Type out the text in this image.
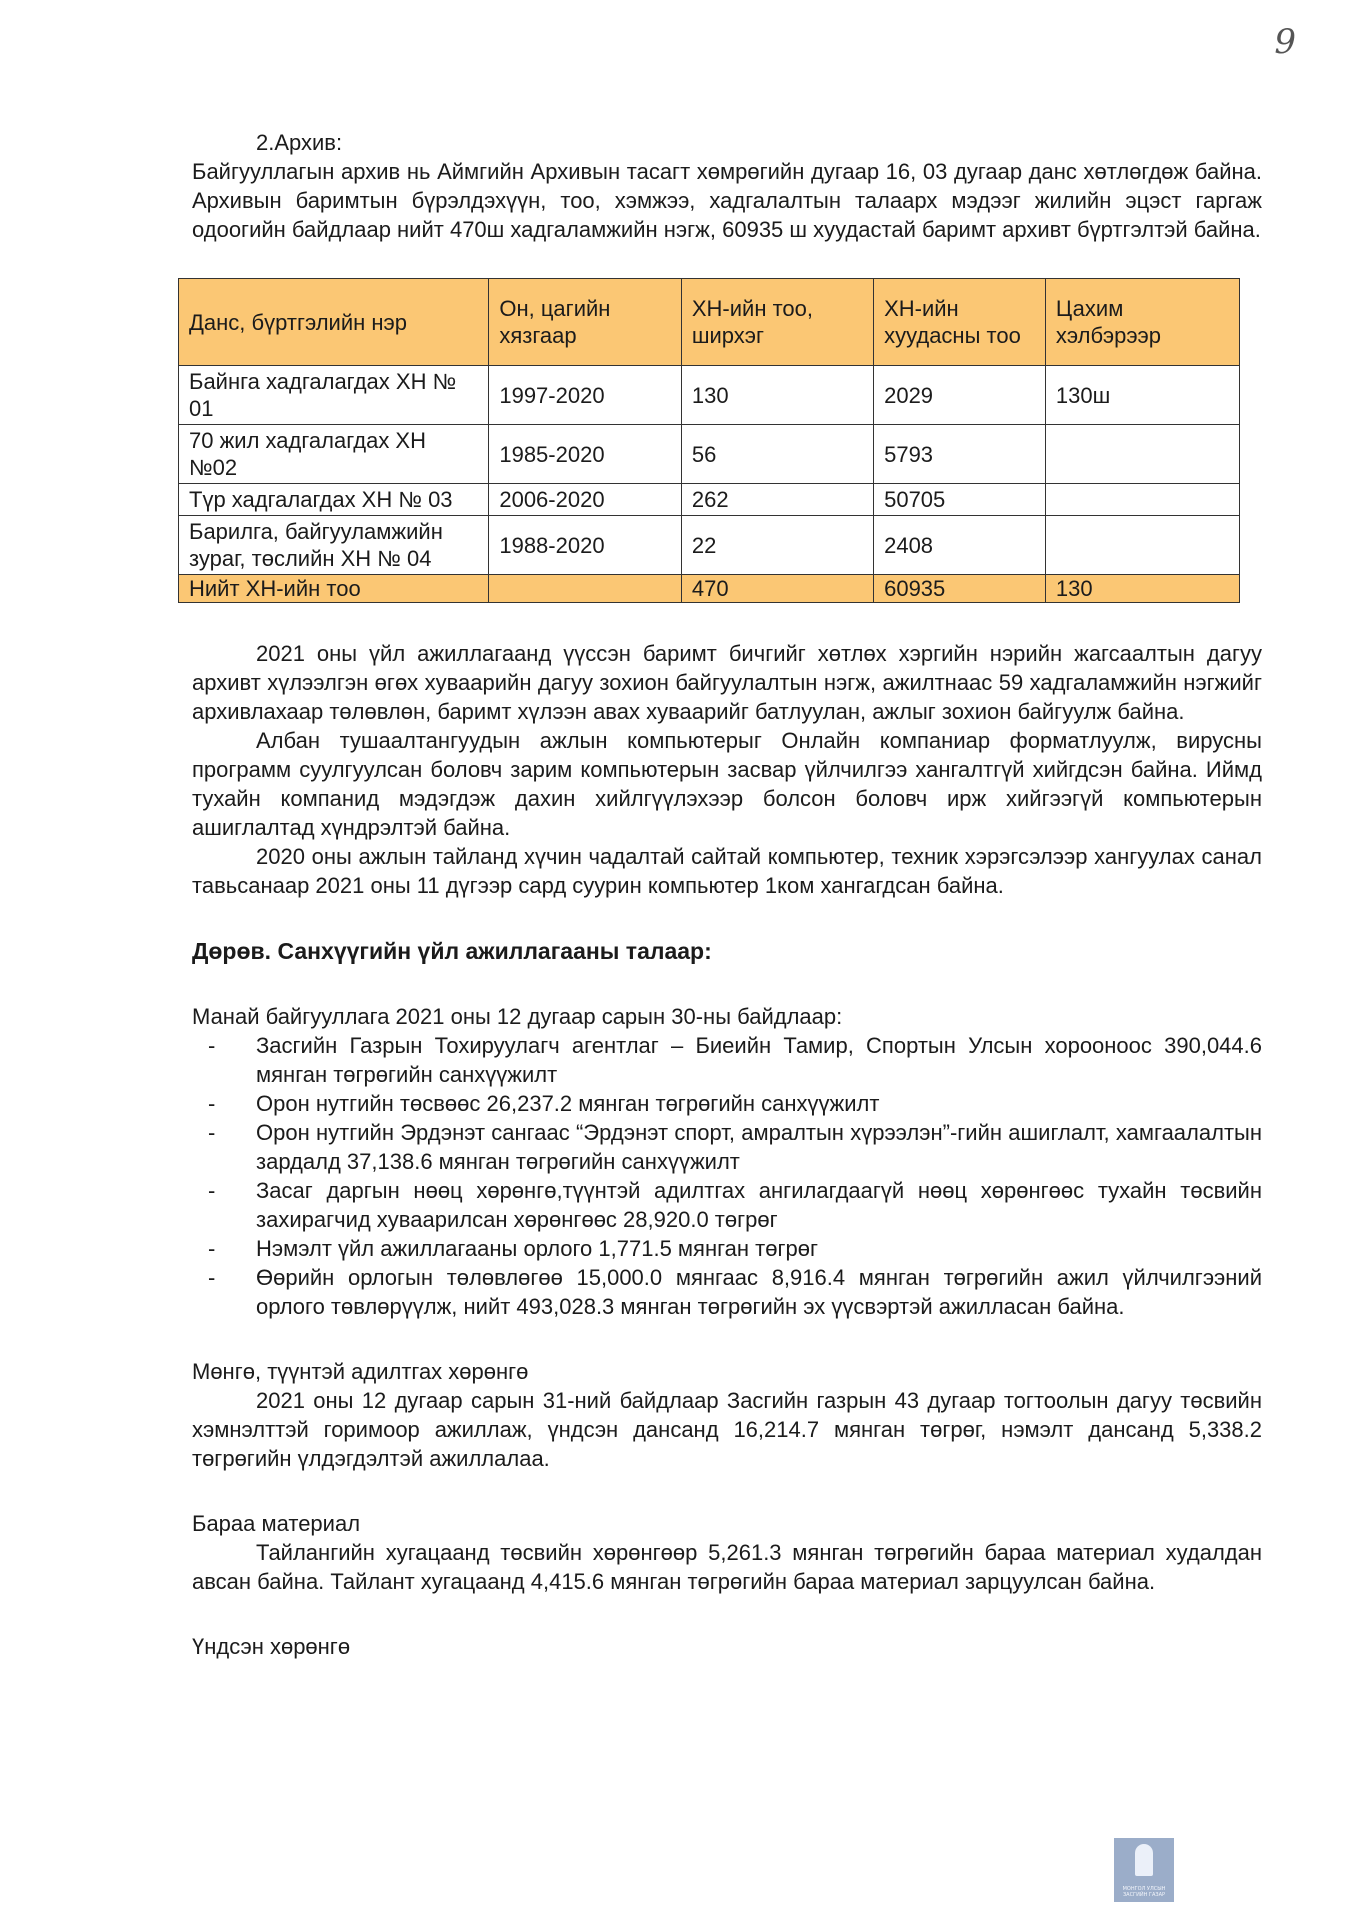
9

2.Архив:

Байгууллагын архив нь Аймгийн Архивын тасагт хөмрөгийн дугаар 16, 03 дугаар данс хөтлөгдөж байна. Архивын баримтын бүрэлдэхүүн, тоо, хэмжээ, хадгалалтын талаарх мэдээг жилийн эцэст гаргаж одоогийн байдлаар нийт 470ш хадгаламжийн нэгж, 60935 ш хуудастай баримт архивт бүртгэлтэй байна.

Данс, бүртгэлийн нэр	Он, цагийн хязгаар	ХН-ийн тоо, ширхэг	ХН-ийн хуудасны тоо	Цахим хэлбэрээр
Байнга хадгалагдах ХН № 01	1997-2020	130	2029	130ш
70 жил хадгалагдах ХН №02	1985-2020	56	5793	
Түр хадгалагдах ХН № 03	2006-2020	262	50705	
Барилга, байгууламжийн зураг, төслийн ХН № 04	1988-2020	22	2408	
Нийт ХН-ийн тоо		470	60935	130

2021 оны үйл ажиллагаанд үүссэн баримт бичгийг хөтлөх хэргийн нэрийн жагсаалтын дагуу архивт хүлээлгэн өгөх хуваарийн дагуу зохион байгуулалтын нэгж, ажилтнаас 59 хадгаламжийн нэгжийг архивлахаар төлөвлөн, баримт хүлээн авах хуваарийг батлуулан, ажлыг зохион байгуулж байна.

Албан тушаалтангуудын ажлын компьютерыг Онлайн компаниар форматлуулж, вирусны программ суулгуулсан боловч зарим компьютерын засвар үйлчилгээ хангалтгүй хийгдсэн байна. Иймд тухайн компанид мэдэгдэж дахин хийлгүүлэхээр болсон боловч ирж хийгээгүй компьютерын ашиглалтад хүндрэлтэй байна.

2020 оны ажлын тайланд хүчин чадалтай сайтай компьютер, техник хэрэгсэлээр хангуулах санал тавьсанаар 2021 оны 11 дүгээр сард суурин компьютер 1ком хангагдсан байна.

Дөрөв. Санхүүгийн үйл ажиллагааны талаар:

Манай байгууллага 2021 оны 12 дугаар сарын 30-ны байдлаар:

- Засгийн Газрын Тохируулагч агентлаг – Биеийн Тамир, Спортын Улсын хорооноос 390,044.6 мянган төгрөгийн санхүүжилт
- Орон нутгийн төсвөөс 26,237.2 мянган төгрөгийн санхүүжилт
- Орон нутгийн Эрдэнэт сангаас “Эрдэнэт спорт, амралтын хүрээлэн”-гийн ашиглалт, хамгаалалтын зардалд 37,138.6 мянган төгрөгийн санхүүжилт
- Засаг даргын нөөц хөрөнгө,түүнтэй адилтгах ангилагдаагүй нөөц хөрөнгөөс тухайн төсвийн захирагчид хуваарилсан хөрөнгөөс 28,920.0 төгрөг
- Нэмэлт үйл ажиллагааны орлого 1,771.5 мянган төгрөг
- Өөрийн орлогын төлөвлөгөө 15,000.0 мянгаас 8,916.4 мянган төгрөгийн ажил үйлчилгээний орлого төвлөрүүлж, нийт 493,028.3 мянган төгрөгийн эх үүсвэртэй ажилласан байна.

Мөнгө, түүнтэй адилтгах хөрөнгө

2021 оны 12 дугаар сарын 31-ний байдлаар Засгийн газрын 43 дугаар тогтоолын дагуу төсвийн хэмнэлттэй горимоор ажиллаж, үндсэн дансанд 16,214.7 мянган төгрөг, нэмэлт дансанд 5,338.2 төгрөгийн үлдэгдэлтэй ажиллалаа.

Бараа материал

Тайлангийн хугацаанд төсвийн хөрөнгөөр 5,261.3 мянган төгрөгийн бараа материал худалдан авсан байна. Тайлант хугацаанд 4,415.6 мянган төгрөгийн бараа материал зарцуулсан байна.

Үндсэн хөрөнгө

МОНГОЛ УЛСЫН ЗАСГИЙН ГАЗАР
